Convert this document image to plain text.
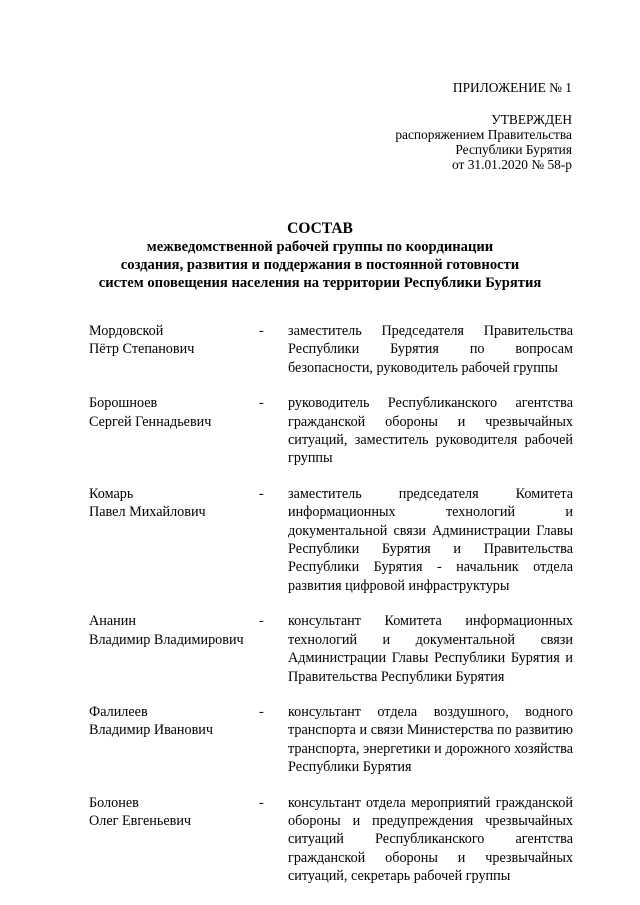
ПРИЛОЖЕНИЕ № 1
УТВЕРЖДЕН
распоряжением Правительства
Республики Бурятия
от 31.01.2020 № 58-р
СОСТАВ
межведомственной рабочей группы по координации
создания, развития и поддержания в постоянной готовности
систем оповещения населения на территории Республики Бурятия
Мордовской
Пётр Степанович
-	заместитель Председателя Правительства Республики Бурятия по вопросам безопасности, руководитель рабочей группы
Борошноев
Сергей Геннадьевич
-	руководитель Республиканского агентства гражданской обороны и чрезвычайных ситуаций, заместитель руководителя рабочей группы
Комарь
Павел Михайлович
-	заместитель председателя Комитета информационных технологий и документальной связи Администрации Главы Республики Бурятия и Правительства Республики Бурятия - начальник отдела развития цифровой инфраструктуры
Ананин
Владимир Владимирович
-	консультант Комитета информационных технологий и документальной связи Администрации Главы Республики Бурятия и Правительства Республики Бурятия
Фалилеев
Владимир Иванович
-	консультант отдела воздушного, водного транспорта и связи Министерства по развитию транспорта, энергетики и дорожного хозяйства Республики Бурятия
Болонев
Олег Евгеньевич
-	консультант отдела мероприятий гражданской обороны и предупреждения чрезвычайных ситуаций Республиканского агентства гражданской обороны и чрезвычайных ситуаций, секретарь рабочей группы
